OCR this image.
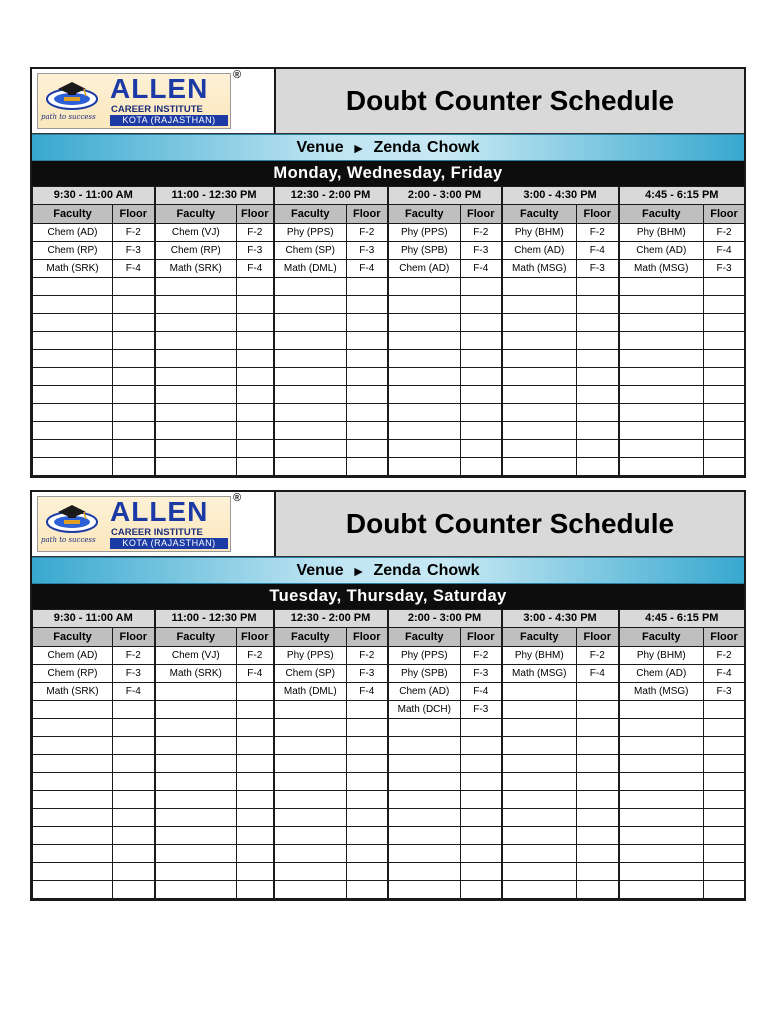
path to success
ALLEN
CAREER INSTITUTE
KOTA (RAJASTHAN)
®
Doubt Counter Schedule
Venue ► Zenda Chowk
Monday, Wednesday, Friday
9:30 - 11:00 AM		11:00 - 12:30 PM		12:30 - 2:00 PM		2:00 - 3:00 PM		3:00 - 4:30 PM		4:45 - 6:15 PM	
Faculty	Floor	Faculty	Floor	Faculty	Floor	Faculty	Floor	Faculty	Floor	Faculty	Floor
Chem (AD)	F-2	Chem (VJ)	F-2	Phy (PPS)	F-2	Phy (PPS)	F-2	Phy (BHM)	F-2	Phy (BHM)	F-2
Chem (RP)	F-3	Chem (RP)	F-3	Chem (SP)	F-3	Phy (SPB)	F-3	Chem (AD)	F-4	Chem (AD)	F-4
Math (SRK)	F-4	Math (SRK)	F-4	Math (DML)	F-4	Chem (AD)	F-4	Math (MSG)	F-3	Math (MSG)	F-3

path to success
ALLEN
CAREER INSTITUTE
KOTA (RAJASTHAN)
®
Doubt Counter Schedule
Venue ► Zenda Chowk
Tuesday, Thursday, Saturday
9:30 - 11:00 AM		11:00 - 12:30 PM		12:30 - 2:00 PM		2:00 - 3:00 PM		3:00 - 4:30 PM		4:45 - 6:15 PM	
Faculty	Floor	Faculty	Floor	Faculty	Floor	Faculty	Floor	Faculty	Floor	Faculty	Floor
Chem (AD)	F-2	Chem (VJ)	F-2	Phy (PPS)	F-2	Phy (PPS)	F-2	Phy (BHM)	F-2	Phy (BHM)	F-2
Chem (RP)	F-3	Math (SRK)	F-4	Chem (SP)	F-3	Phy (SPB)	F-3	Math (MSG)	F-4	Chem (AD)	F-4
Math (SRK)	F-4			Math (DML)	F-4	Chem (AD)	F-4			Math (MSG)	F-3
						Math (DCH)	F-3				
